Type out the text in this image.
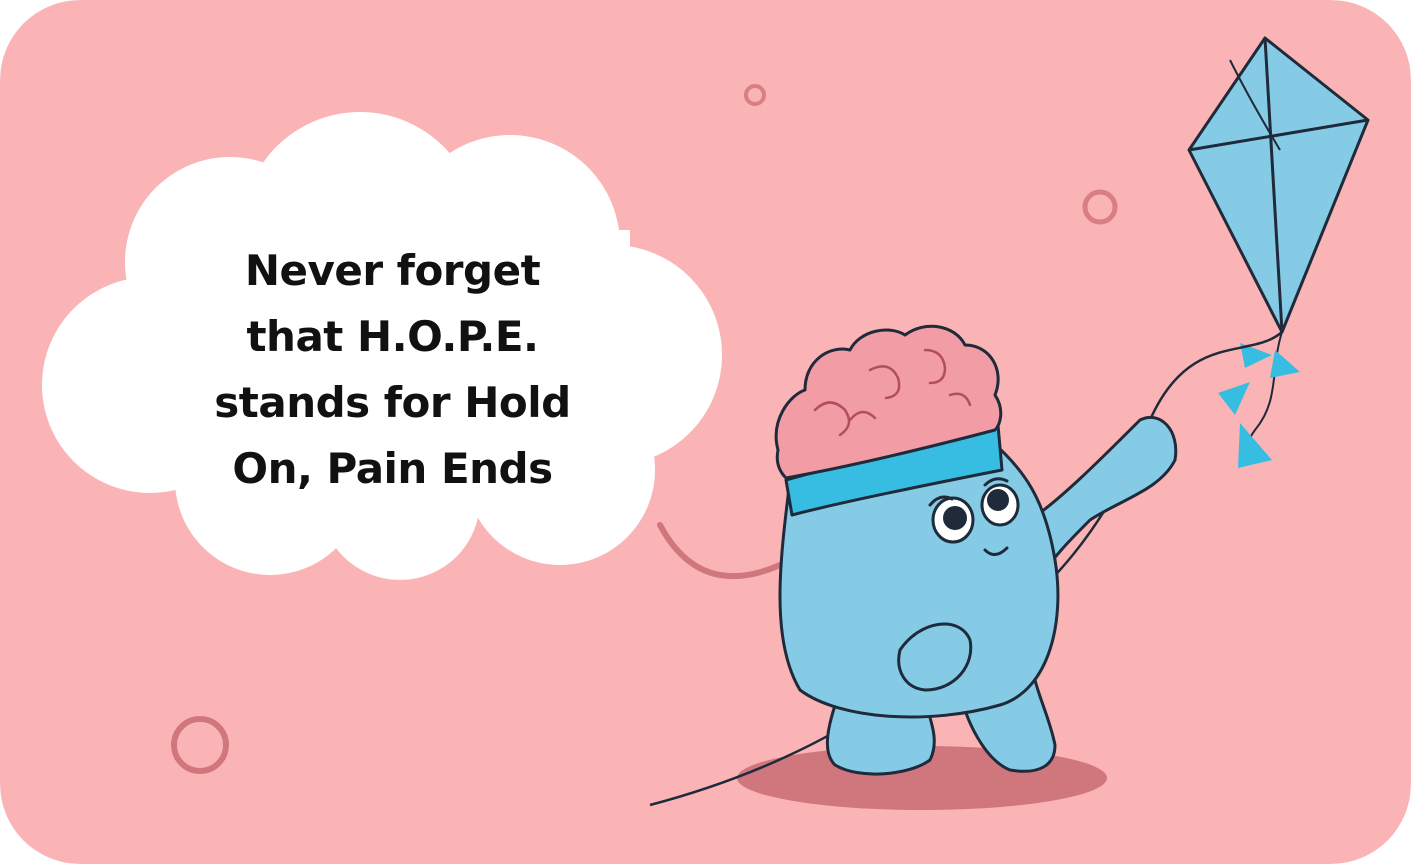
Never forget
that H.O.P.E.
stands for Hold
On, Pain Ends
